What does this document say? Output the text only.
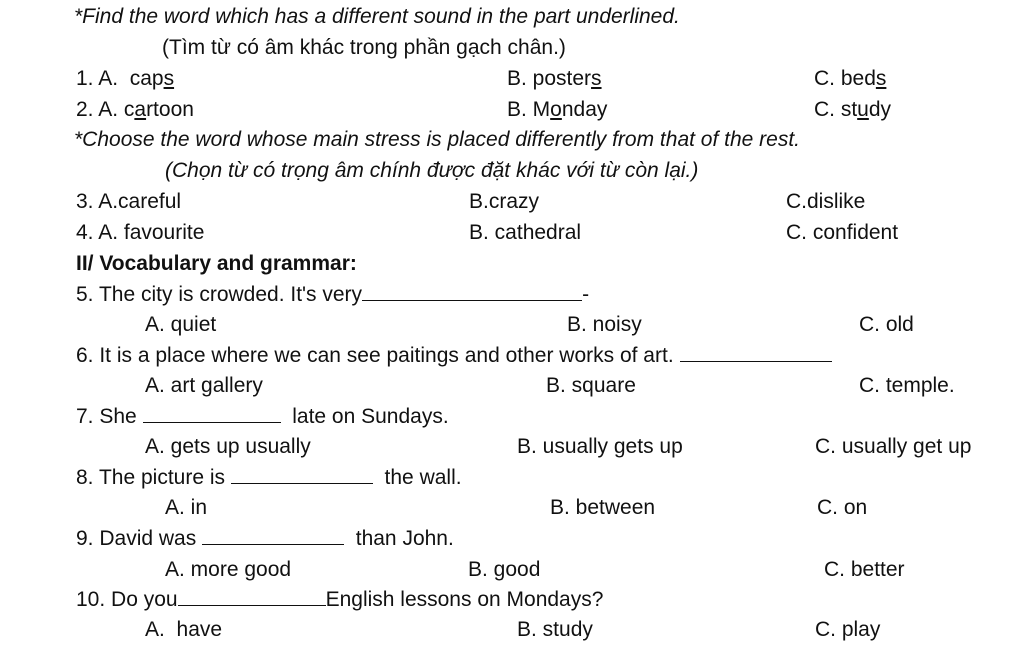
*Find the word which has a different sound in the part underlined.
(Tìm từ có âm khác trong phần gạch chân.)
1. A. caps	B. posters	C. beds
2. A. cartoon	B. Monday	C. study
*Choose the word whose main stress is placed differently from that of the rest.
(Chọn từ có trọng âm chính được đặt khác với từ còn lại.)
3. A.careful	B.crazy	C.dislike
4. A. favourite	B. cathedral	C. confident
II/ Vocabulary and grammar:
5. The city is crowded. It's very	-
A. quiet	B. noisy	C. old
6. It is a place where we can see paitings and other works of art.
A. art gallery	B. square	C. temple.
7. She	late on Sundays.
A. gets up usually	B. usually gets up	C. usually get up
8. The picture is	the wall.
A. in	B. between	C. on
9. David was	than John.
A. more good	B. good	C. better
10. Do you	English lessons on Mondays?
A.  have	B. study	C. play
